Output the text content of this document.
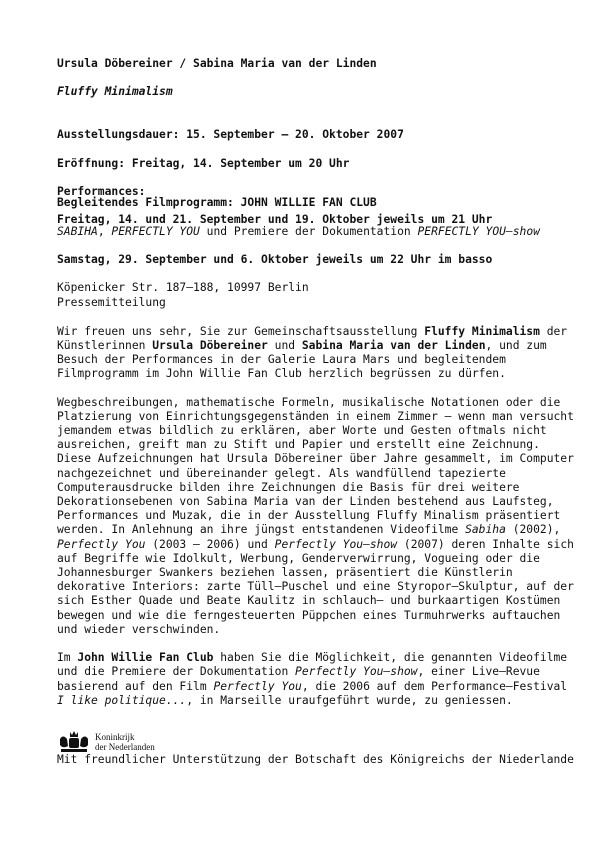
Ursula Döbereiner / Sabina Maria van der Linden
Fluffy Minimalism

Ausstellungsdauer: 15. September – 20. Oktober 2007

Eröffnung: Freitag, 14. September um 20 Uhr

Performances:

Freitag, 14. und 21. September und 19. Oktober jeweils um 21 Uhr

Begleitendes Filmprogramm: JOHN WILLIE FAN CLUB

SABIHA, PERFECTLY YOU und Premiere der Dokumentation PERFECTLY YOU–show

Samstag, 29. September und 6. Oktober jeweils um 22 Uhr im basso

Köpenicker Str. 187–188, 10997 Berlin

Pressemitteilung

Wir freuen uns sehr, Sie zur Gemeinschaftsausstellung Fluffy Minimalism der Künstlerinnen Ursula Döbereiner und Sabina Maria van der Linden, und zum Besuch der Performances in der Galerie Laura Mars und begleitendem Filmprogramm im John Willie Fan Club herzlich begrüssen zu dürfen.

Wegbeschreibungen, mathematische Formeln, musikalische Notationen oder die Platzierung von Einrichtungsgegenständen in einem Zimmer – wenn man versucht jemandem etwas bildlich zu erklären, aber Worte und Gesten oftmals nicht ausreichen, greift man zu Stift und Papier und erstellt eine Zeichnung. Diese Aufzeichnungen hat Ursula Döbereiner über Jahre gesammelt, im Computer nachgezeichnet und übereinander gelegt. Als wandfüllend tapezierte Computerausdrucke bilden ihre Zeichnungen die Basis für drei weitere Dekorationsebenen von Sabina Maria van der Linden bestehend aus Laufsteg, Performances und Muzak, die in der Ausstellung Fluffy Minalism präsentiert werden. In Anlehnung an ihre jüngst entstandenen Videofilme Sabiha (2002), Perfectly You (2003 – 2006) und Perfectly You–show (2007) deren Inhalte sich auf Begriffe wie Idolkult, Werbung, Genderverwirrung, Vogueing oder die Johannesburger Swankers beziehen lassen, präsentiert die Künstlerin dekorative Interiors: zarte Tüll–Puschel und eine Styropor–Skulptur, auf der sich Esther Quade und Beate Kaulitz in schlauch– und burkaartigen Kostümen bewegen und wie die ferngesteuerten Püppchen eines Turmuhrwerks auftauchen und wieder verschwinden.

Im John Willie Fan Club haben Sie die Möglichkeit, die genannten Videofilme und die Premiere der Dokumentation Perfectly You–show, einer Live–Revue basierend auf den Film Perfectly You, die 2006 auf dem Performance–Festival I like politique..., in Marseille uraufgeführt wurde, zu geniessen.

Koninkrijk
der Nederlanden
Mit freundlicher Unterstützung der Botschaft des Königreichs der Niederlande
